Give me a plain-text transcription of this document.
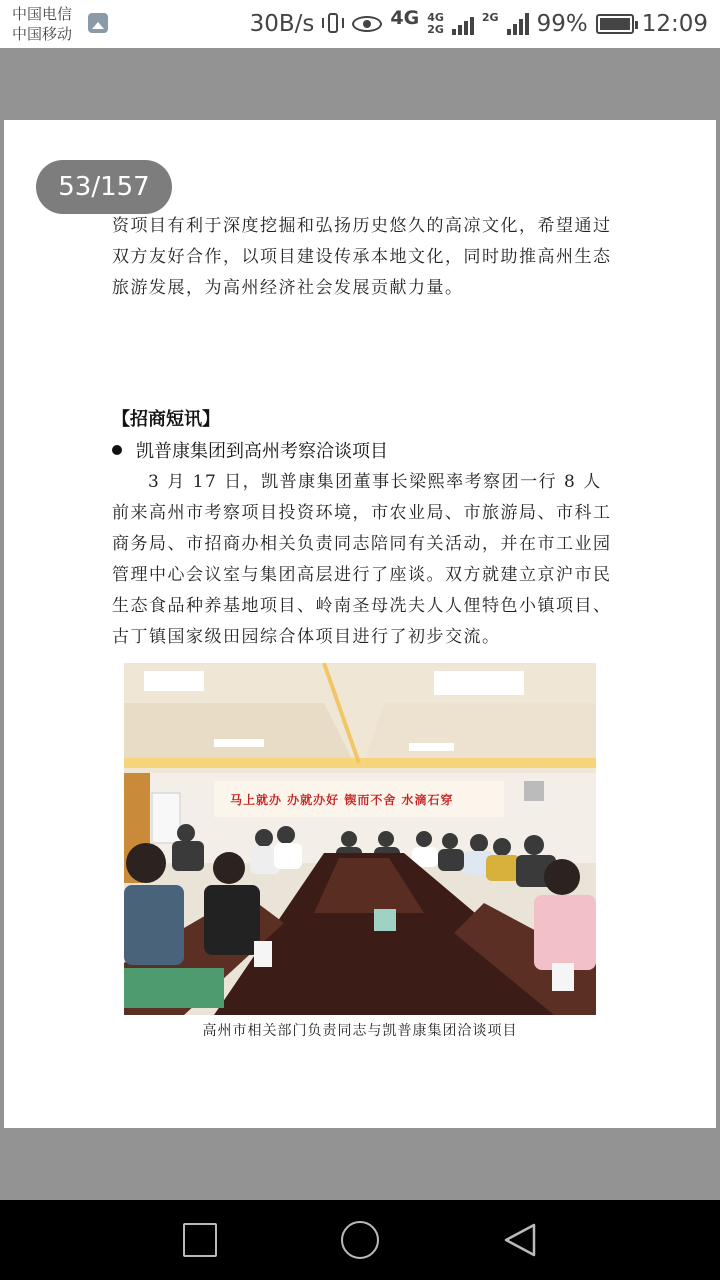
中国电信
中国移动	30B/s	4G 4G
2G
2G 99% 12:09
53/157
资项目有利于深度挖掘和弘扬历史悠久的高凉文化，希望通过双方友好合作，以项目建设传承本地文化，同时助推高州生态旅游发展，为高州经济社会发展贡献力量。
【招商短讯】
凯普康集团到高州考察洽谈项目
3 月 17 日，凯普康集团董事长梁熙率考察团一行 8 人前来高州市考察项目投资环境，市农业局、市旅游局、市科工商务局、市招商办相关负责同志陪同有关活动，并在市工业园管理中心会议室与集团高层进行了座谈。双方就建立京沪市民生态食品种养基地项目、岭南圣母冼夫人人俚特色小镇项目、古丁镇国家级田园综合体项目进行了初步交流。
马上就办 办就办好 锲而不舍 水滴石穿
高州市相关部门负责同志与凯普康集团洽谈项目
